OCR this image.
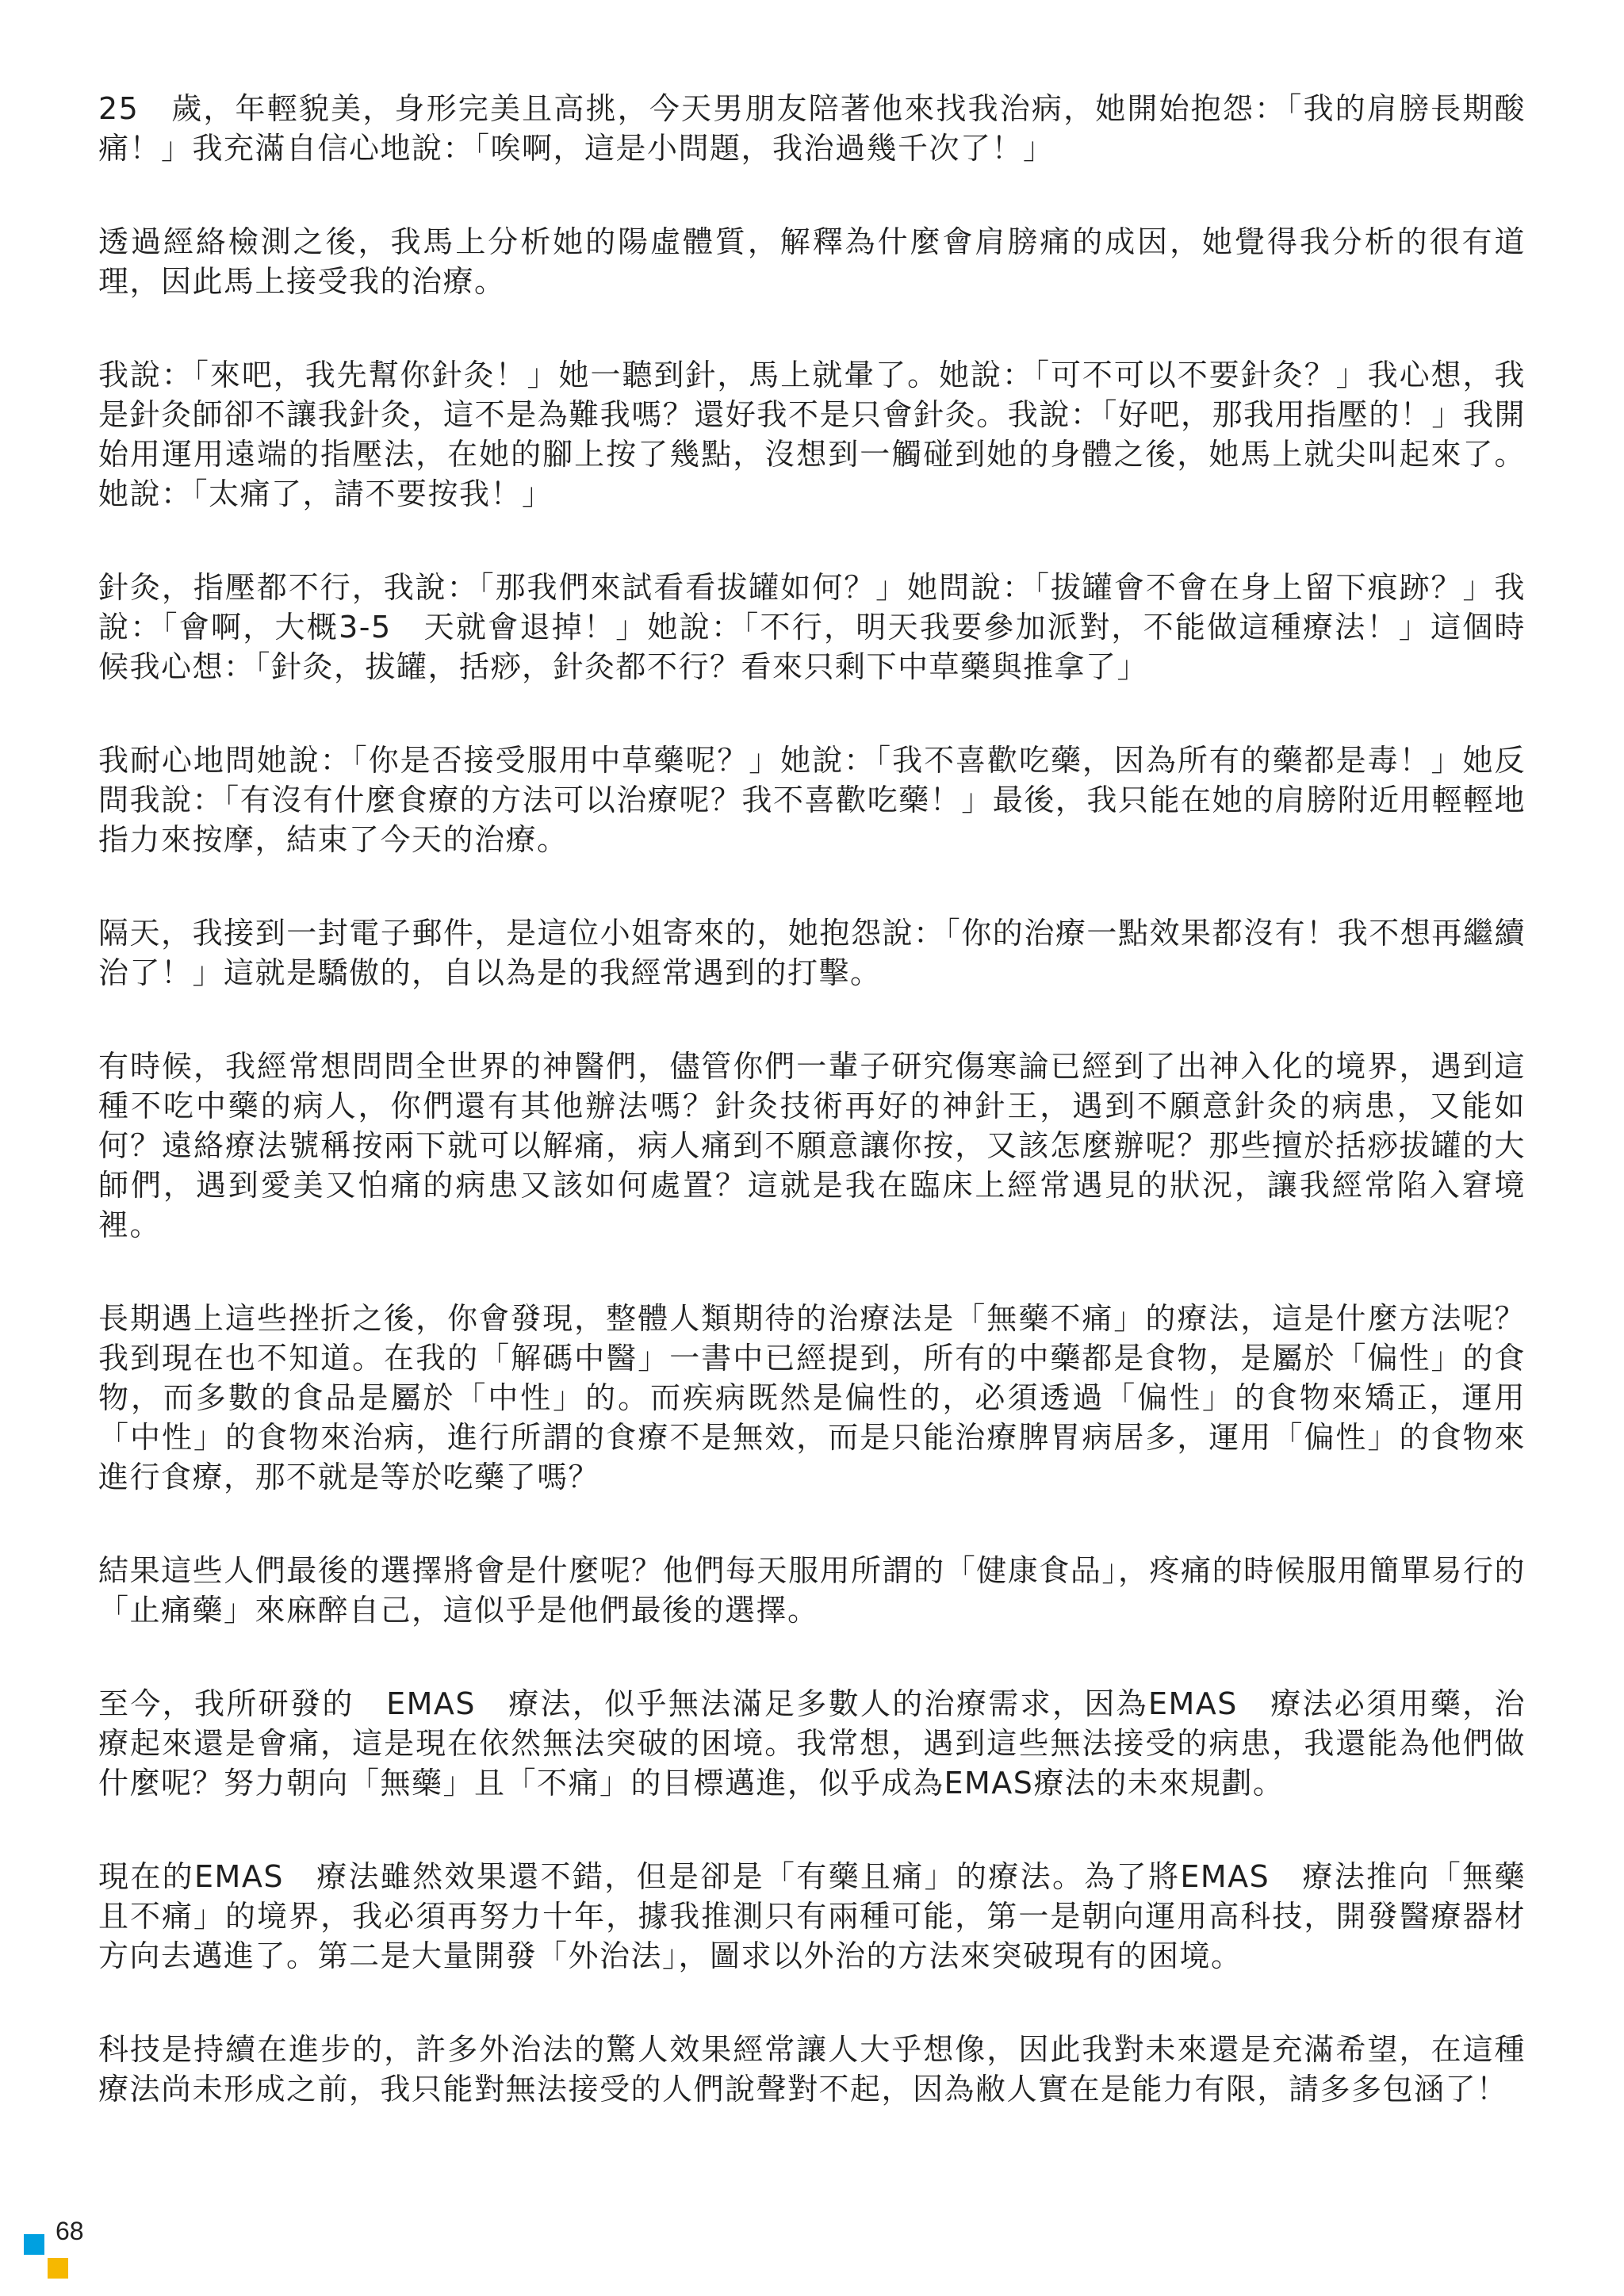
25　歲，年輕貌美，身形完美且高挑，今天男朋友陪著他來找我治病，她開始抱怨：「我的肩膀長期酸痛！」我充滿自信心地說：「唉啊，這是小問題，我治過幾千次了！」

透過經絡檢測之後，我馬上分析她的陽虛體質，解釋為什麼會肩膀痛的成因，她覺得我分析的很有道理，因此馬上接受我的治療。

我說：「來吧，我先幫你針灸！」她一聽到針，馬上就暈了。她說：「可不可以不要針灸？」我心想，我是針灸師卻不讓我針灸，這不是為難我嗎？還好我不是只會針灸。我說：「好吧，那我用指壓的！」我開始用運用遠端的指壓法，在她的腳上按了幾點，沒想到一觸碰到她的身體之後，她馬上就尖叫起來了。她說：「太痛了，請不要按我！」

針灸，指壓都不行，我說：「那我們來試看看拔罐如何？」她問說：「拔罐會不會在身上留下痕跡？」我說：「會啊，大概3-5　天就會退掉！」她說：「不行，明天我要參加派對，不能做這種療法！」這個時候我心想：「針灸，拔罐，括痧，針灸都不行？看來只剩下中草藥與推拿了」

我耐心地問她說：「你是否接受服用中草藥呢？」她說：「我不喜歡吃藥，因為所有的藥都是毒！」她反問我說：「有沒有什麼食療的方法可以治療呢？我不喜歡吃藥！」最後，我只能在她的肩膀附近用輕輕地指力來按摩，結束了今天的治療。

隔天，我接到一封電子郵件，是這位小姐寄來的，她抱怨說：「你的治療一點效果都沒有！我不想再繼續治了！」這就是驕傲的，自以為是的我經常遇到的打擊。

有時候，我經常想問問全世界的神醫們，儘管你們一輩子研究傷寒論已經到了出神入化的境界，遇到這種不吃中藥的病人，你們還有其他辦法嗎？針灸技術再好的神針王，遇到不願意針灸的病患，又能如何？遠絡療法號稱按兩下就可以解痛，病人痛到不願意讓你按，又該怎麼辦呢？那些擅於括痧拔罐的大師們，遇到愛美又怕痛的病患又該如何處置？這就是我在臨床上經常遇見的狀況，讓我經常陷入窘境裡。

長期遇上這些挫折之後，你會發現，整體人類期待的治療法是「無藥不痛」的療法，這是什麼方法呢？我到現在也不知道。在我的「解碼中醫」一書中已經提到，所有的中藥都是食物，是屬於「偏性」的食物，而多數的食品是屬於「中性」的。而疾病既然是偏性的，必須透過「偏性」的食物來矯正，運用「中性」的食物來治病，進行所謂的食療不是無效，而是只能治療脾胃病居多，運用「偏性」的食物來進行食療，那不就是等於吃藥了嗎？

結果這些人們最後的選擇將會是什麼呢？他們每天服用所謂的「健康食品」，疼痛的時候服用簡單易行的「止痛藥」來麻醉自己，這似乎是他們最後的選擇。

至今，我所研發的　EMAS　療法，似乎無法滿足多數人的治療需求，因為EMAS　療法必須用藥，治療起來還是會痛，這是現在依然無法突破的困境。我常想，遇到這些無法接受的病患，我還能為他們做什麼呢？努力朝向「無藥」且「不痛」的目標邁進，似乎成為EMAS療法的未來規劃。

現在的EMAS　療法雖然效果還不錯，但是卻是「有藥且痛」的療法。為了將EMAS　療法推向「無藥且不痛」的境界，我必須再努力十年，據我推測只有兩種可能，第一是朝向運用高科技，開發醫療器材方向去邁進了。第二是大量開發「外治法」，圖求以外治的方法來突破現有的困境。

科技是持續在進步的，許多外治法的驚人效果經常讓人大乎想像，因此我對未來還是充滿希望，在這種療法尚未形成之前，我只能對無法接受的人們說聲對不起，因為敝人實在是能力有限，請多多包涵了！

68
